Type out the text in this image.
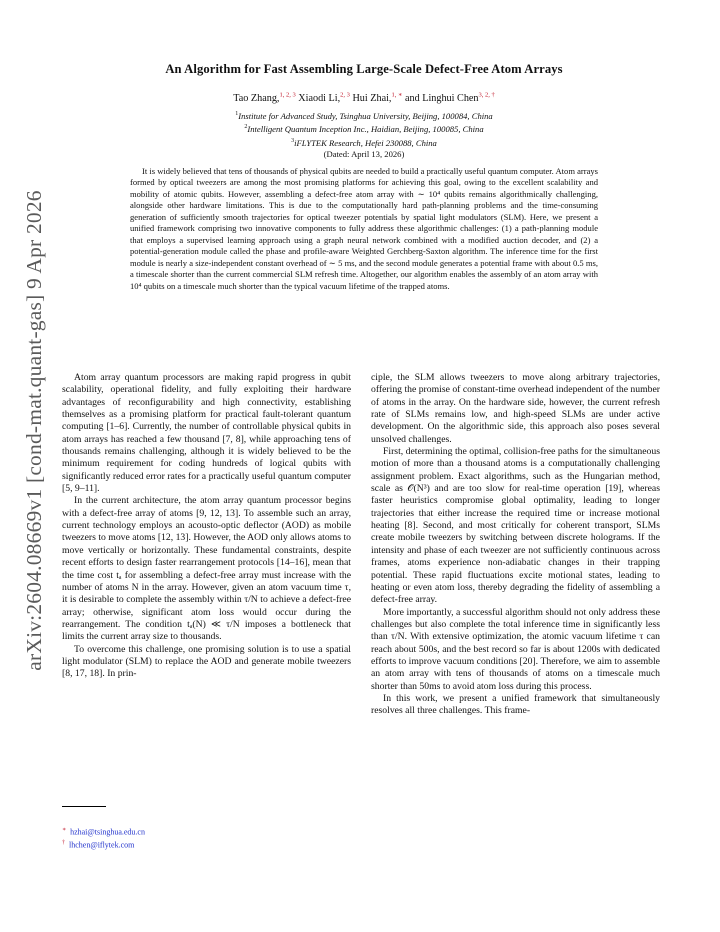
arXiv:2604.08669v1 [cond-mat.quant-gas] 9 Apr 2026
An Algorithm for Fast Assembling Large-Scale Defect-Free Atom Arrays
Tao Zhang,$^{1, 2, 3}$ Xiaodi Li,$^{2, 3}$ Hui Zhai,$^{1, ∗}$ and Linghui Chen$^{3, 2, \dagger}$
$^1$Institute for Advanced Study, Tsinghua University, Beijing, 100084, China
$^2$Intelligent Quantum Inception Inc., Haidian, Beijing, 100085, China
$^3$iFLYTEK Research, Hefei 230088, China
(Dated: April 13, 2026)
It is widely believed that tens of thousands of physical qubits are needed to build a practically useful quantum computer. Atom arrays formed by optical tweezers are among the most promising platforms for achieving this goal, owing to the excellent scalability and mobility of atomic qubits. However, assembling a defect-free atom array with ∼ 10⁴ qubits remains algorithmically challenging, alongside other hardware limitations. This is due to the computationally hard path-planning problems and the time-consuming generation of sufficiently smooth trajectories for optical tweezer potentials by spatial light modulators (SLM). Here, we present a unified framework comprising two innovative components to fully address these algorithmic challenges: (1) a path-planning module that employs a supervised learning approach using a graph neural network combined with a modified auction decoder, and (2) a potential-generation module called the phase and profile-aware Weighted Gerchberg-Saxton algorithm. The inference time for the first module is nearly a size-independent constant overhead of ∼ 5 ms, and the second module generates a potential frame with about 0.5 ms, a timescale shorter than the current commercial SLM refresh time. Altogether, our algorithm enables the assembly of an atom array with 10⁴ qubits on a timescale much shorter than the typical vacuum lifetime of the trapped atoms.

Atom array quantum processors are making rapid progress in qubit scalability, operational fidelity, and fully exploiting their hardware advantages of reconfigurability and high connectivity, establishing themselves as a promising platform for practical fault-tolerant quantum computing [1–6]. Currently, the number of controllable physical qubits in atom arrays has reached a few thousand [7, 8], while approaching tens of thousands remains challenging, although it is widely believed to be the minimum requirement for coding hundreds of logical qubits with significantly reduced error rates for a practically useful quantum computer [5, 9–11].

In the current architecture, the atom array quantum processor begins with a defect-free array of atoms [9, 12, 13]. To assemble such an array, current technology employs an acousto-optic deflector (AOD) as mobile tweezers to move atoms [12, 13]. However, the AOD only allows atoms to move vertically or horizontally. These fundamental constraints, despite recent efforts to design faster rearrangement protocols [14–16], mean that the time cost tₐ for assembling a defect-free array must increase with the number of atoms N in the array. However, given an atom vacuum time τ, it is desirable to complete the assembly within τ/N to achieve a defect-free array; otherwise, significant atom loss would occur during the rearrangement. The condition tₐ(N) ≪ τ/N imposes a bottleneck that limits the current array size to thousands.

To overcome this challenge, one promising solution is to use a spatial light modulator (SLM) to replace the AOD and generate mobile tweezers [8, 17, 18]. In prin-

ciple, the SLM allows tweezers to move along arbitrary trajectories, offering the promise of constant-time overhead independent of the number of atoms in the array. On the hardware side, however, the current refresh rate of SLMs remains low, and high-speed SLMs are under active development. On the algorithmic side, this approach also poses several unsolved challenges.

First, determining the optimal, collision-free paths for the simultaneous motion of more than a thousand atoms is a computationally challenging assignment problem. Exact algorithms, such as the Hungarian method, scale as 𝒪(N³) and are too slow for real-time operation [19], whereas faster heuristics compromise global optimality, leading to longer trajectories that either increase the required time or increase motional heating [8]. Second, and most critically for coherent transport, SLMs create mobile tweezers by switching between discrete holograms. If the intensity and phase of each tweezer are not sufficiently continuous across frames, atoms experience non-adiabatic changes in their trapping potential. These rapid fluctuations excite motional states, leading to heating or even atom loss, thereby degrading the fidelity of assembling a defect-free array.

More importantly, a successful algorithm should not only address these challenges but also complete the total inference time in significantly less than τ/N. With extensive optimization, the atomic vacuum lifetime τ can reach about 500s, and the best record so far is about 1200s with dedicated efforts to improve vacuum conditions [20]. Therefore, we aim to assemble an atom array with tens of thousands of atoms on a timescale much shorter than 50ms to avoid atom loss during this process.

In this work, we present a unified framework that simultaneously resolves all three challenges. This frame-

∗ hzhai@tsinghua.edu.cn
† lhchen@iflytek.com
